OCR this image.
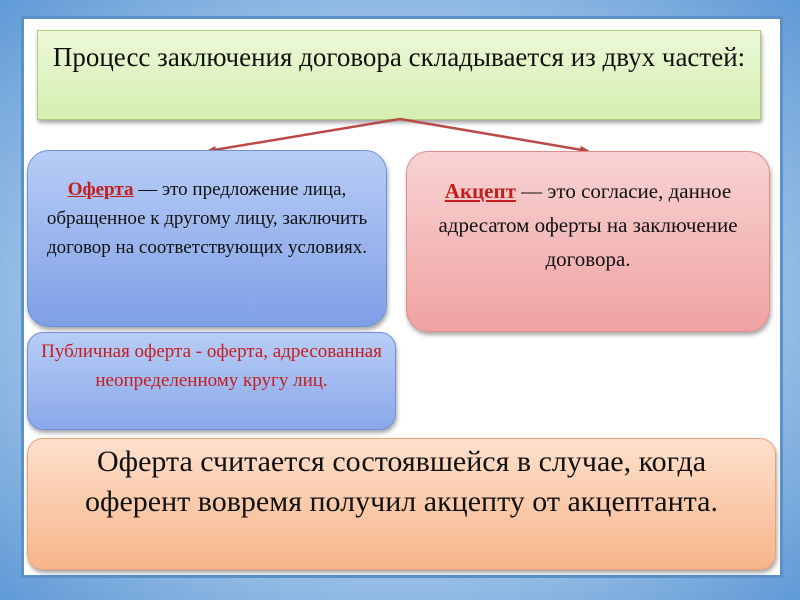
Процесс заключения договора складывается из двух частей:
Оферта — это предложение лица, обращенное к другому лицу, заключить договор на соответствующих условиях.
Акцепт — это согласие, данное адресатом оферты на заключение договора.
Публичная оферта - оферта, адресованная неопределенному кругу лиц.
Оферта считается состоявшейся в случае, когда оферент вовремя получил акцепту от акцептанта.
